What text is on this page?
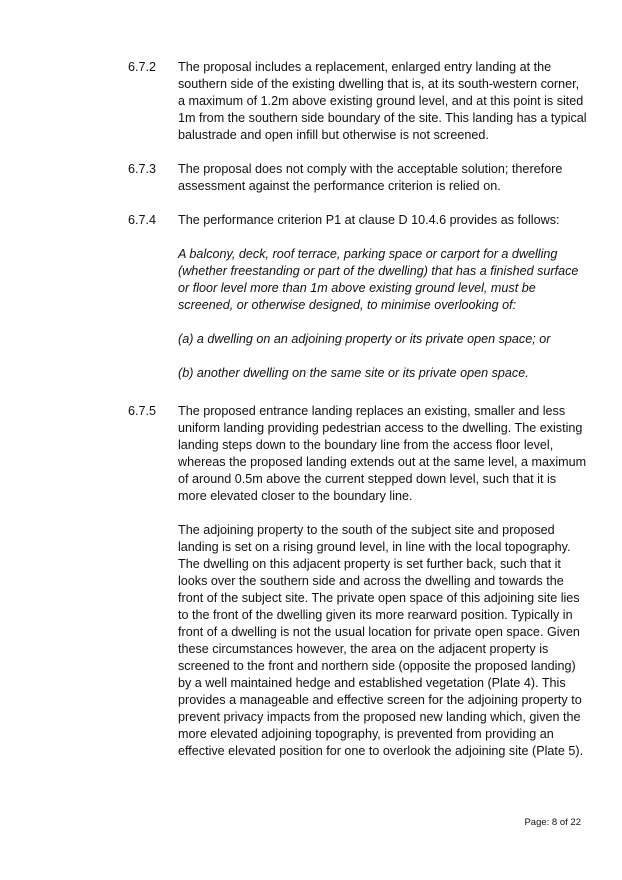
6.7.2	The proposal includes a replacement, enlarged entry landing at the southern side of the existing dwelling that is, at its south-western corner, a maximum of 1.2m above existing ground level, and at this point is sited 1m from the southern side boundary of the site. This landing has a typical balustrade and open infill but otherwise is not screened.

6.7.3	The proposal does not comply with the acceptable solution; therefore assessment against the performance criterion is relied on.

6.7.4	The performance criterion P1 at clause D 10.4.6 provides as follows:

A balcony, deck, roof terrace, parking space or carport for a dwelling (whether freestanding or part of the dwelling) that has a finished surface or floor level more than 1m above existing ground level, must be screened, or otherwise designed, to minimise overlooking of:

(a) a dwelling on an adjoining property or its private open space; or

(b) another dwelling on the same site or its private open space.

6.7.5	The proposed entrance landing replaces an existing, smaller and less uniform landing providing pedestrian access to the dwelling. The existing landing steps down to the boundary line from the access floor level, whereas the proposed landing extends out at the same level, a maximum of around 0.5m above the current stepped down level, such that it is more elevated closer to the boundary line.

The adjoining property to the south of the subject site and proposed landing is set on a rising ground level, in line with the local topography. The dwelling on this adjacent property is set further back, such that it looks over the southern side and across the dwelling and towards the front of the subject site. The private open space of this adjoining site lies to the front of the dwelling given its more rearward position. Typically in front of a dwelling is not the usual location for private open space. Given these circumstances however, the area on the adjacent property is screened to the front and northern side (opposite the proposed landing) by a well maintained hedge and established vegetation (Plate 4). This provides a manageable and effective screen for the adjoining property to prevent privacy impacts from the proposed new landing which, given the more elevated adjoining topography, is prevented from providing an effective elevated position for one to overlook the adjoining site (Plate 5).

Page: 8 of 22
